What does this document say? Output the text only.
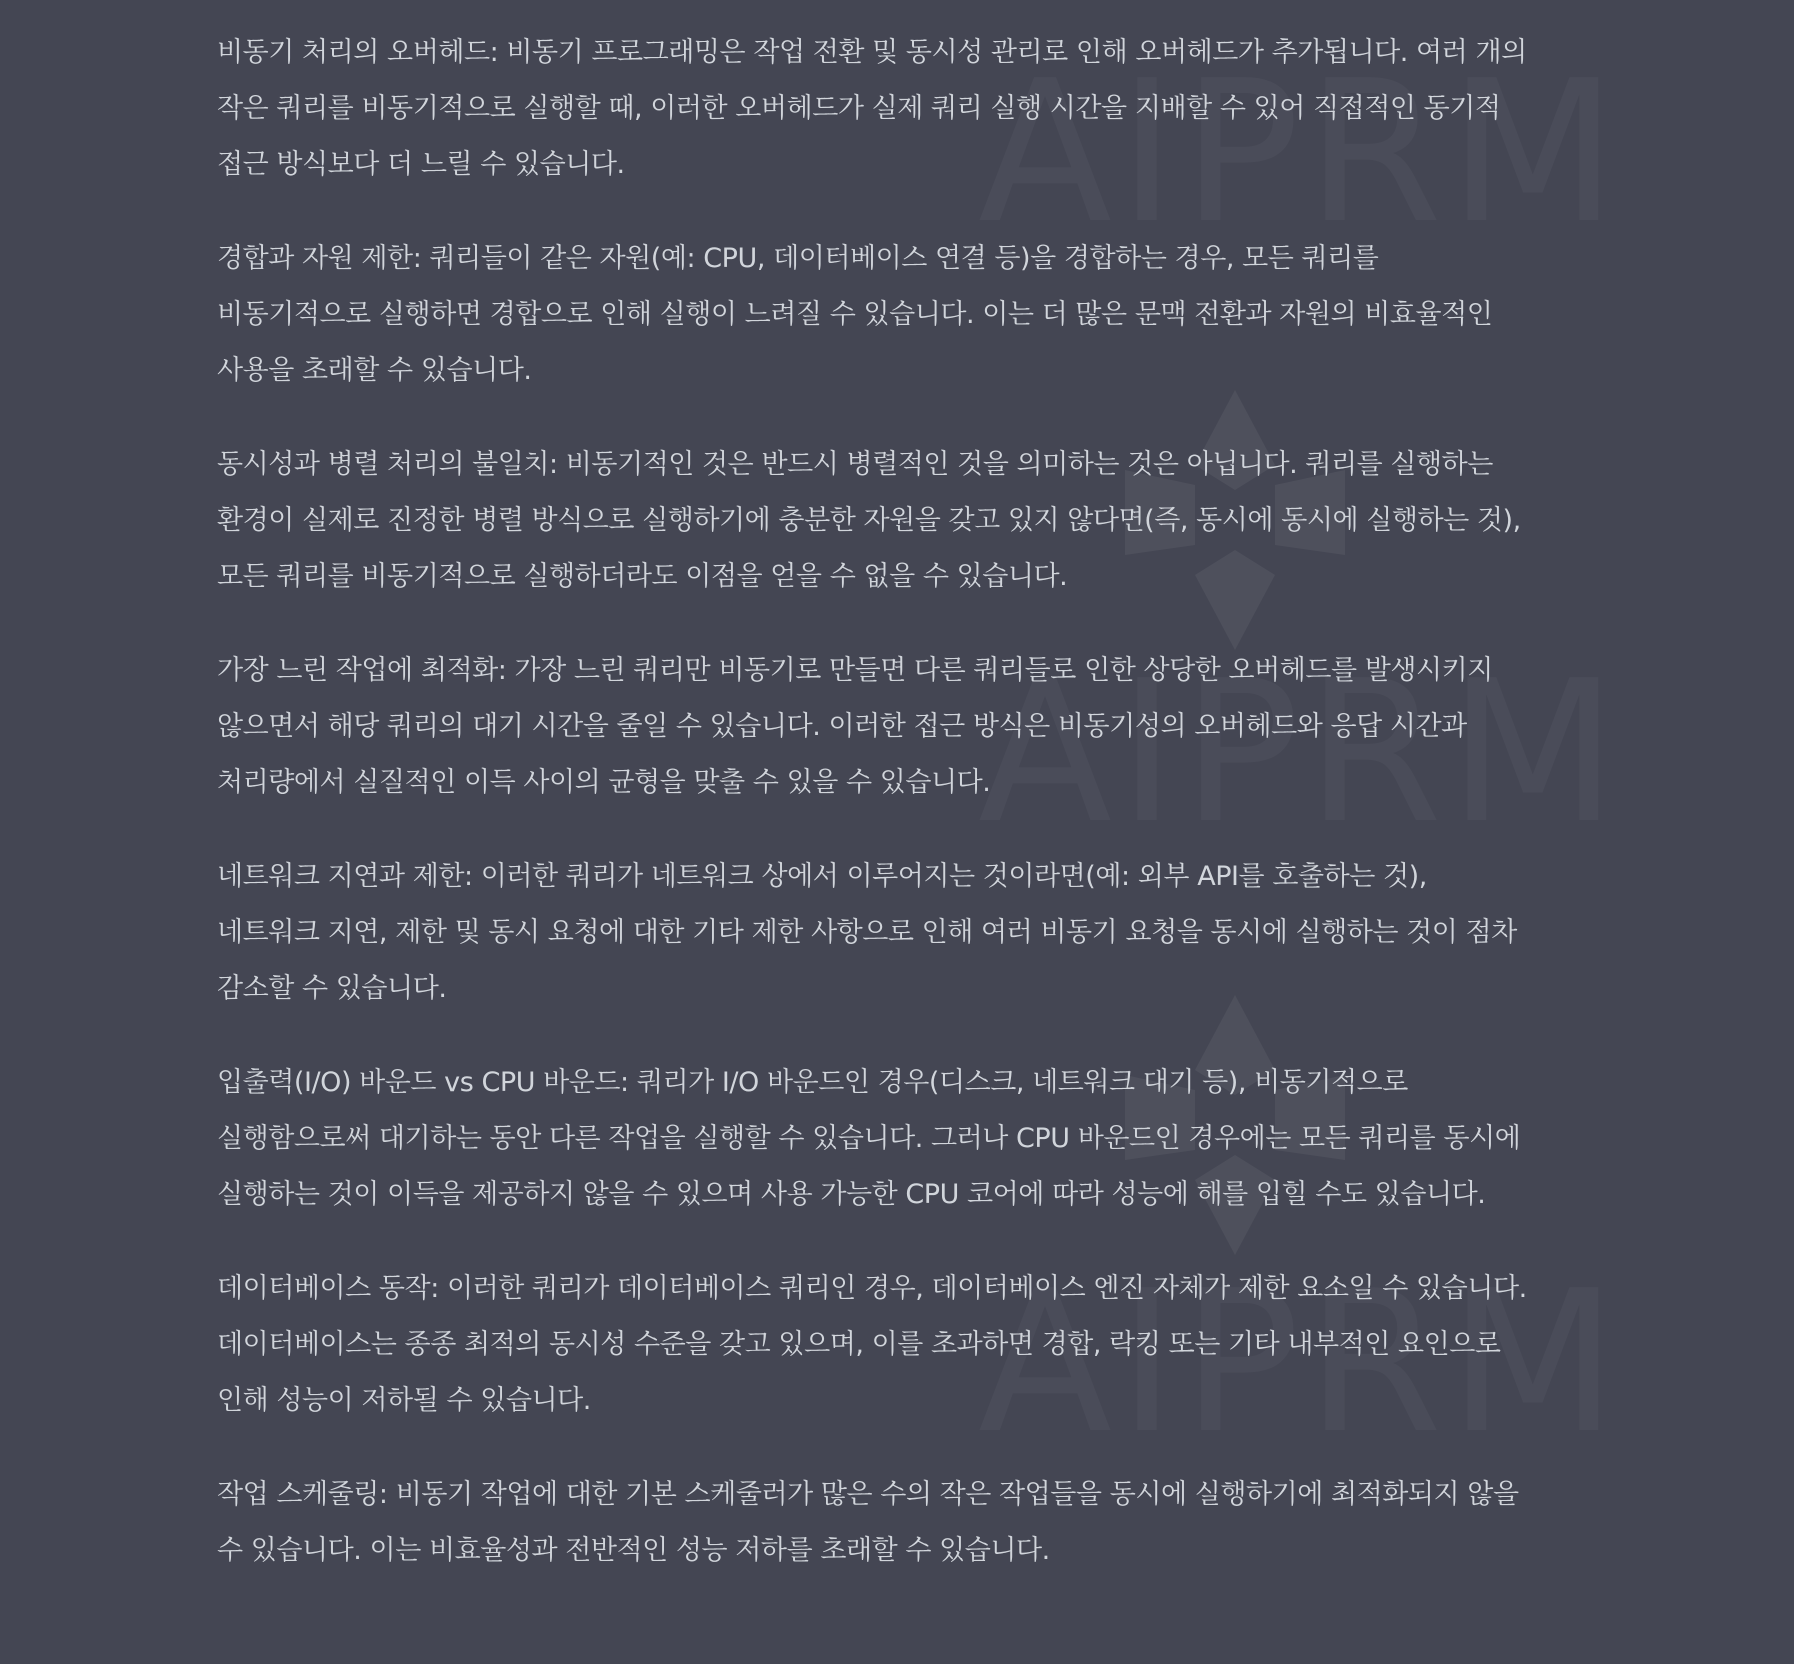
비동기 처리의 오버헤드: 비동기 프로그래밍은 작업 전환 및 동시성 관리로 인해 오버헤드가 추가됩니다. 여러 개의 작은 쿼리를 비동기적으로 실행할 때, 이러한 오버헤드가 실제 쿼리 실행 시간을 지배할 수 있어 직접적인 동기적 접근 방식보다 더 느릴 수 있습니다.

경합과 자원 제한: 쿼리들이 같은 자원(예: CPU, 데이터베이스 연결 등)을 경합하는 경우, 모든 쿼리를 비동기적으로 실행하면 경합으로 인해 실행이 느려질 수 있습니다. 이는 더 많은 문맥 전환과 자원의 비효율적인 사용을 초래할 수 있습니다.

동시성과 병렬 처리의 불일치: 비동기적인 것은 반드시 병렬적인 것을 의미하는 것은 아닙니다. 쿼리를 실행하는 환경이 실제로 진정한 병렬 방식으로 실행하기에 충분한 자원을 갖고 있지 않다면(즉, 동시에 동시에 실행하는 것), 모든 쿼리를 비동기적으로 실행하더라도 이점을 얻을 수 없을 수 있습니다.

가장 느린 작업에 최적화: 가장 느린 쿼리만 비동기로 만들면 다른 쿼리들로 인한 상당한 오버헤드를 발생시키지 않으면서 해당 쿼리의 대기 시간을 줄일 수 있습니다. 이러한 접근 방식은 비동기성의 오버헤드와 응답 시간과 처리량에서 실질적인 이득 사이의 균형을 맞출 수 있을 수 있습니다.

네트워크 지연과 제한: 이러한 쿼리가 네트워크 상에서 이루어지는 것이라면(예: 외부 API를 호출하는 것), 네트워크 지연, 제한 및 동시 요청에 대한 기타 제한 사항으로 인해 여러 비동기 요청을 동시에 실행하는 것이 점차 감소할 수 있습니다.

입출력(I/O) 바운드 vs CPU 바운드: 쿼리가 I/O 바운드인 경우(디스크, 네트워크 대기 등), 비동기적으로 실행함으로써 대기하는 동안 다른 작업을 실행할 수 있습니다. 그러나 CPU 바운드인 경우에는 모든 쿼리를 동시에 실행하는 것이 이득을 제공하지 않을 수 있으며 사용 가능한 CPU 코어에 따라 성능에 해를 입힐 수도 있습니다.

데이터베이스 동작: 이러한 쿼리가 데이터베이스 쿼리인 경우, 데이터베이스 엔진 자체가 제한 요소일 수 있습니다. 데이터베이스는 종종 최적의 동시성 수준을 갖고 있으며, 이를 초과하면 경합, 락킹 또는 기타 내부적인 요인으로 인해 성능이 저하될 수 있습니다.

작업 스케줄링: 비동기 작업에 대한 기본 스케줄러가 많은 수의 작은 작업들을 동시에 실행하기에 최적화되지 않을 수 있습니다. 이는 비효율성과 전반적인 성능 저하를 초래할 수 있습니다.
